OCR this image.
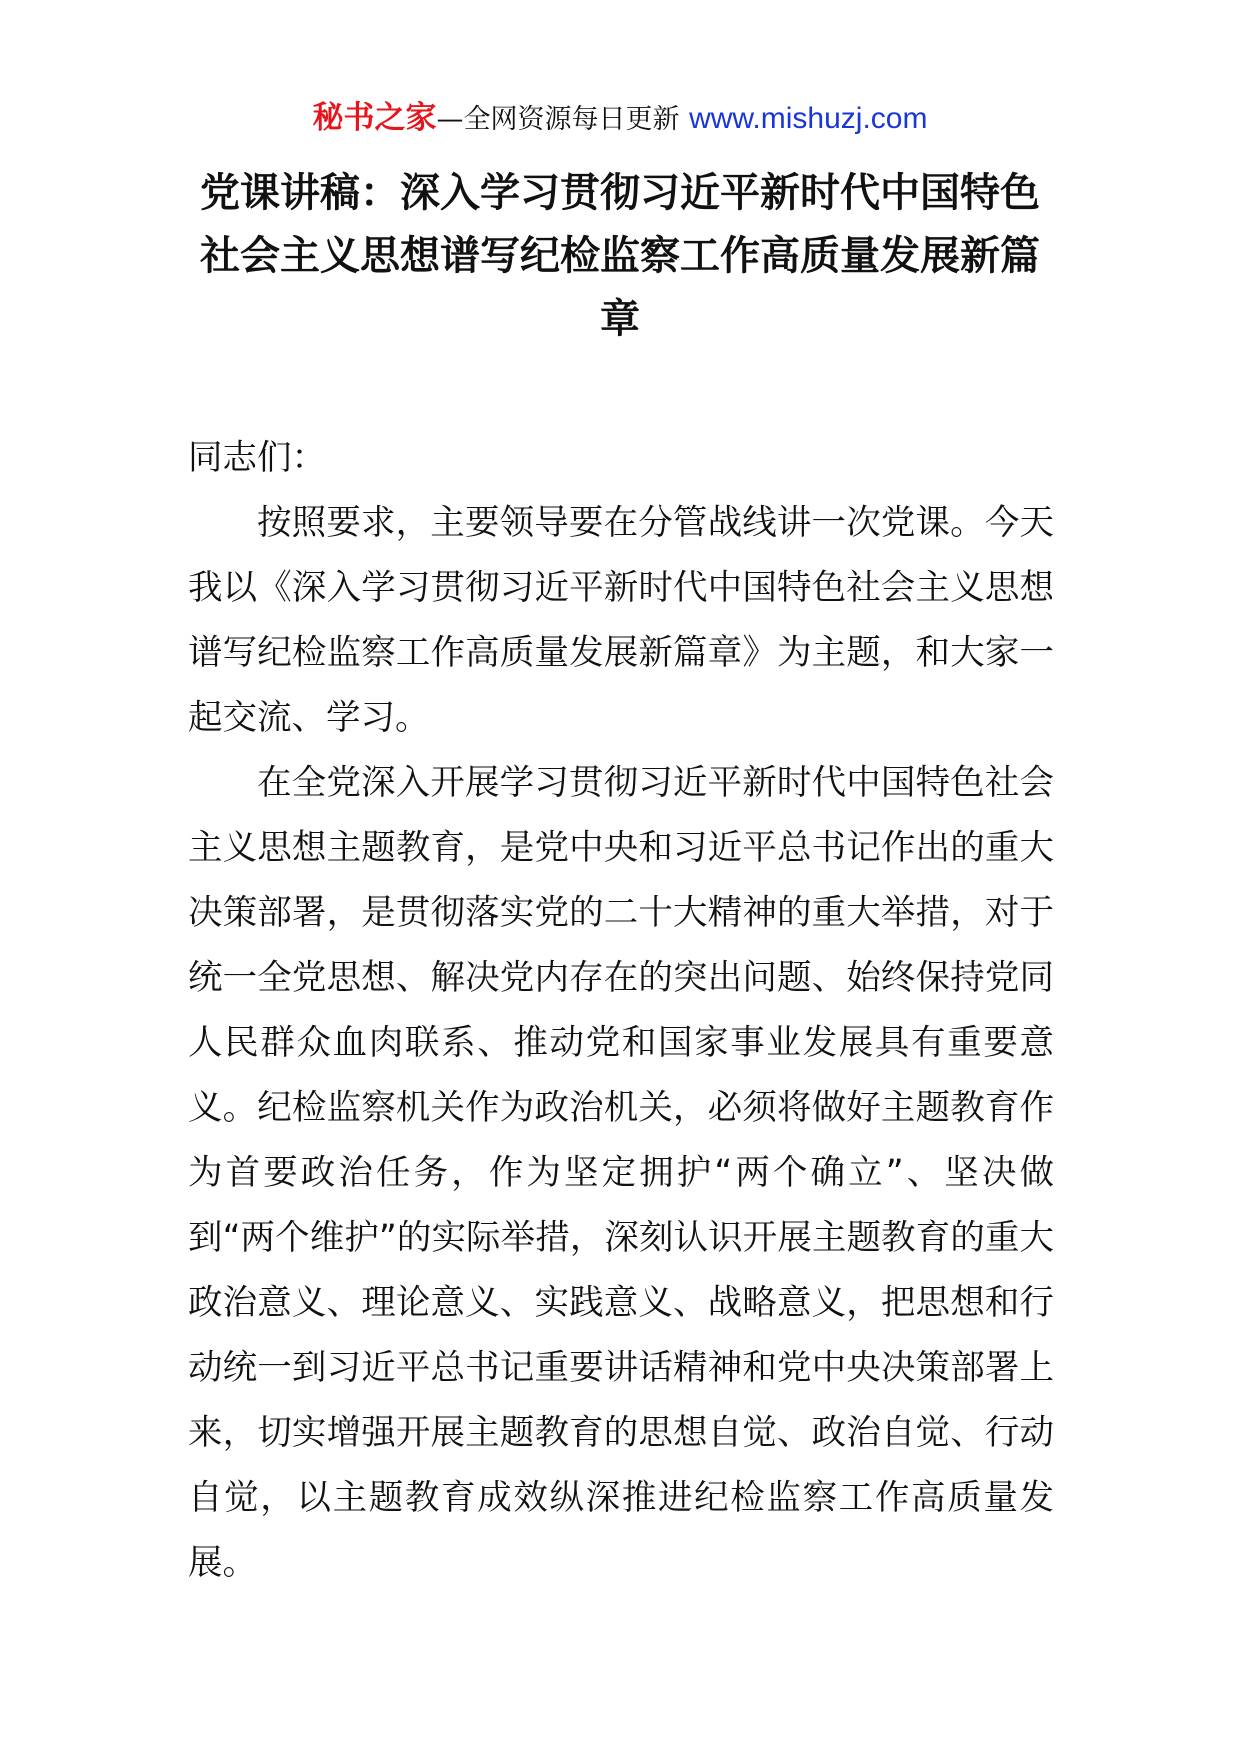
秘书之家—全网资源每日更新 www.mishuzj.com
党课讲稿：深入学习贯彻习近平新时代中国特色社会主义思想谱写纪检监察工作高质量发展新篇章

同志们：

按照要求，主要领导要在分管战线讲一次党课。今天我以《深入学习贯彻习近平新时代中国特色社会主义思想谱写纪检监察工作高质量发展新篇章》为主题，和大家一起交流、学习。

在全党深入开展学习贯彻习近平新时代中国特色社会主义思想主题教育，是党中央和习近平总书记作出的重大决策部署，是贯彻落实党的二十大精神的重大举措，对于统一全党思想、解决党内存在的突出问题、始终保持党同人民群众血肉联系、推动党和国家事业发展具有重要意义。纪检监察机关作为政治机关，必须将做好主题教育作为首要政治任务，作为坚定拥护“两个确立”、坚决做到“两个维护”的实际举措，深刻认识开展主题教育的重大政治意义、理论意义、实践意义、战略意义，把思想和行动统一到习近平总书记重要讲话精神和党中央决策部署上来，切实增强开展主题教育的思想自觉、政治自觉、行动自觉，以主题教育成效纵深推进纪检监察工作高质量发展。
